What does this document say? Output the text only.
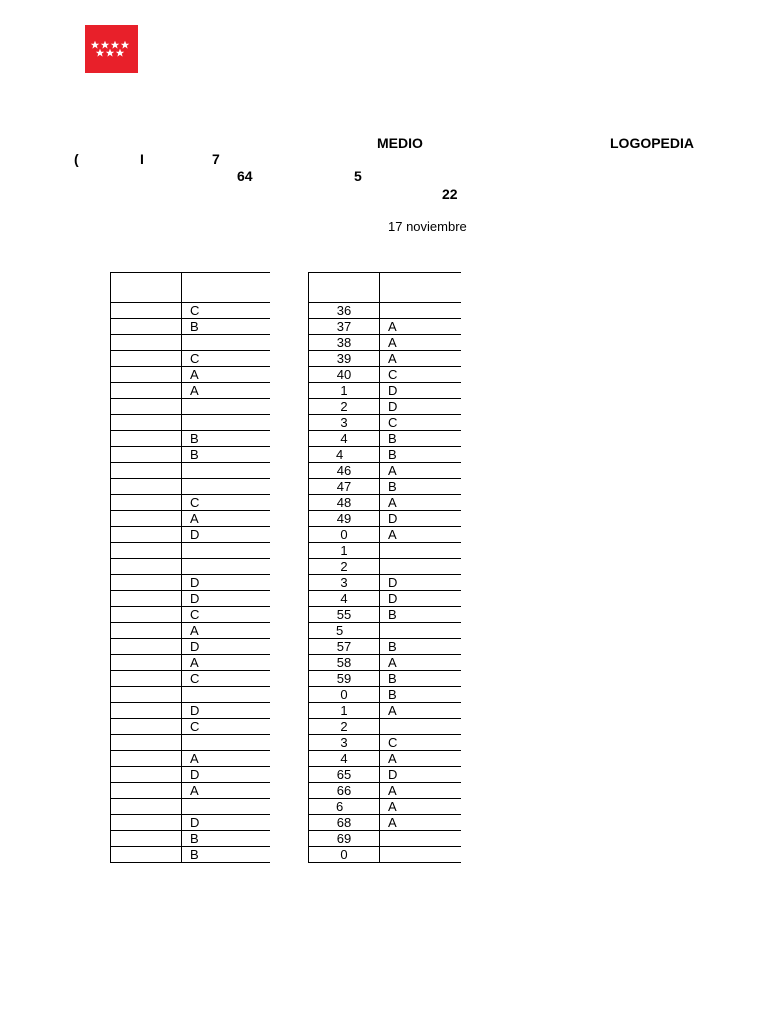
MEDIO	LOGOPEDIA
(	I	7
64	5
22
17 noviembre

	C
	B

	C
	A
	A

	B
	B

	C
	A
	D

	D
	D
	C
	A
	D
	A
	C

	D
	C

	A
	D
	A

	D
	B
	B

36	
37	A
38	A
39	A
40	C
1	D
2	D
3	C
4	B
4	B
46	A
47	B
48	A
49	D
0	A
1	
2	
3	D
4	D
55	B
5	
57	B
58	A
59	B
0	B
1	A
2	
3	C
4	A
65	D
66	A
6	A
68	A
69	
0	
